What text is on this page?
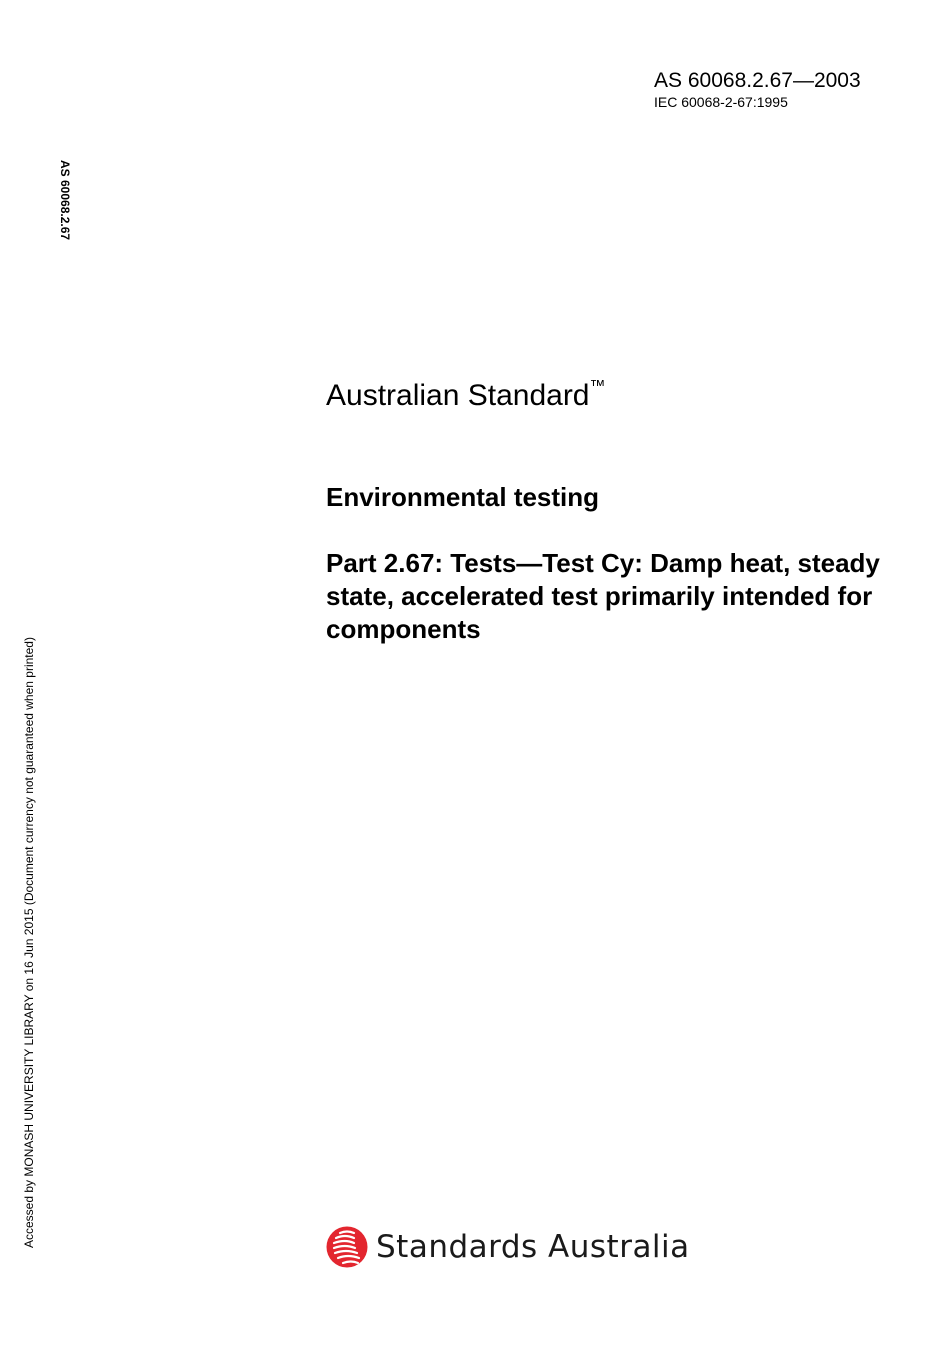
AS 60068.2.67—2003
IEC 60068-2-67:1995
AS 60068.2.67
Accessed by MONASH UNIVERSITY LIBRARY on 16 Jun 2015 (Document currency not guaranteed when printed)
Australian Standard™
Environmental testing
Part 2.67: Tests—Test Cy: Damp heat, steady state, accelerated test primarily intended for components
Standards Australia
